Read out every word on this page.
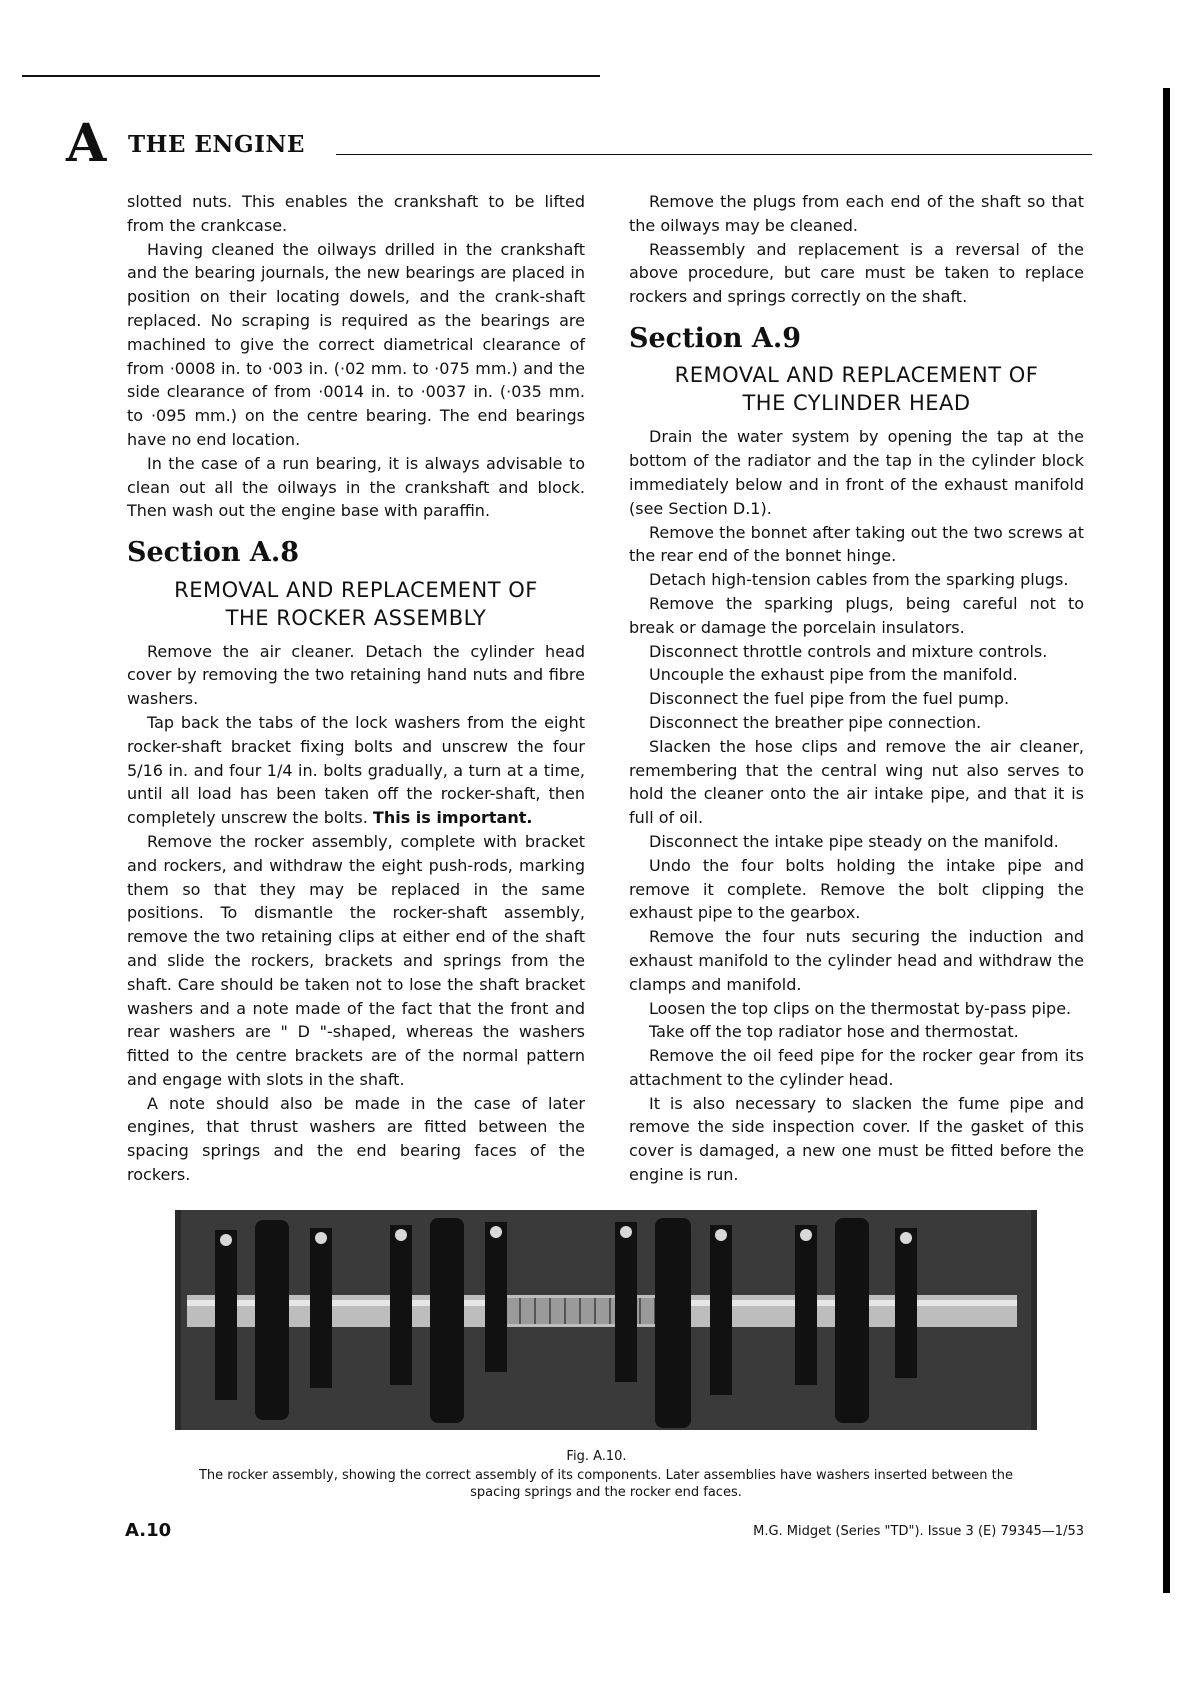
A THE ENGINE

slotted nuts. This enables the crankshaft to be lifted from the crankcase.

Having cleaned the oilways drilled in the crankshaft and the bearing journals, the new bearings are placed in position on their locating dowels, and the crank-shaft replaced. No scraping is required as the bearings are machined to give the correct diametrical clearance of from ·0008 in. to ·003 in. (·02 mm. to ·075 mm.) and the side clearance of from ·0014 in. to ·0037 in. (·035 mm. to ·095 mm.) on the centre bearing. The end bearings have no end location.

In the case of a run bearing, it is always advisable to clean out all the oilways in the crankshaft and block. Then wash out the engine base with paraffin.

Section A.8
REMOVAL AND REPLACEMENT OF
THE ROCKER ASSEMBLY

Remove the air cleaner. Detach the cylinder head cover by removing the two retaining hand nuts and fibre washers.

Tap back the tabs of the lock washers from the eight rocker-shaft bracket fixing bolts and unscrew the four 5/16 in. and four 1/4 in. bolts gradually, a turn at a time, until all load has been taken off the rocker-shaft, then completely unscrew the bolts. This is important.

Remove the rocker assembly, complete with bracket and rockers, and withdraw the eight push-rods, marking them so that they may be replaced in the same positions. To dismantle the rocker-shaft assembly, remove the two retaining clips at either end of the shaft and slide the rockers, brackets and springs from the shaft. Care should be taken not to lose the shaft bracket washers and a note made of the fact that the front and rear washers are " D "-shaped, whereas the washers fitted to the centre brackets are of the normal pattern and engage with slots in the shaft.

A note should also be made in the case of later engines, that thrust washers are fitted between the spacing springs and the end bearing faces of the rockers.

Remove the plugs from each end of the shaft so that the oilways may be cleaned.

Reassembly and replacement is a reversal of the above procedure, but care must be taken to replace rockers and springs correctly on the shaft.

Section A.9
REMOVAL AND REPLACEMENT OF
THE CYLINDER HEAD

Drain the water system by opening the tap at the bottom of the radiator and the tap in the cylinder block immediately below and in front of the exhaust manifold (see Section D.1).

Remove the bonnet after taking out the two screws at the rear end of the bonnet hinge.

Detach high-tension cables from the sparking plugs.

Remove the sparking plugs, being careful not to break or damage the porcelain insulators.

Disconnect throttle controls and mixture controls.

Uncouple the exhaust pipe from the manifold.

Disconnect the fuel pipe from the fuel pump.

Disconnect the breather pipe connection.

Slacken the hose clips and remove the air cleaner, remembering that the central wing nut also serves to hold the cleaner onto the air intake pipe, and that it is full of oil.

Disconnect the intake pipe steady on the manifold.

Undo the four bolts holding the intake pipe and remove it complete. Remove the bolt clipping the exhaust pipe to the gearbox.

Remove the four nuts securing the induction and exhaust manifold to the cylinder head and withdraw the clamps and manifold.

Loosen the top clips on the thermostat by-pass pipe.

Take off the top radiator hose and thermostat.

Remove the oil feed pipe for the rocker gear from its attachment to the cylinder head.

It is also necessary to slacken the fume pipe and remove the side inspection cover. If the gasket of this cover is damaged, a new one must be fitted before the engine is run.

Fig. A.10.
The rocker assembly, showing the correct assembly of its components. Later assemblies have washers inserted between the spacing springs and the rocker end faces.
A.10	M.G. Midget (Series "TD"). Issue 3 (E) 79345—1/53
